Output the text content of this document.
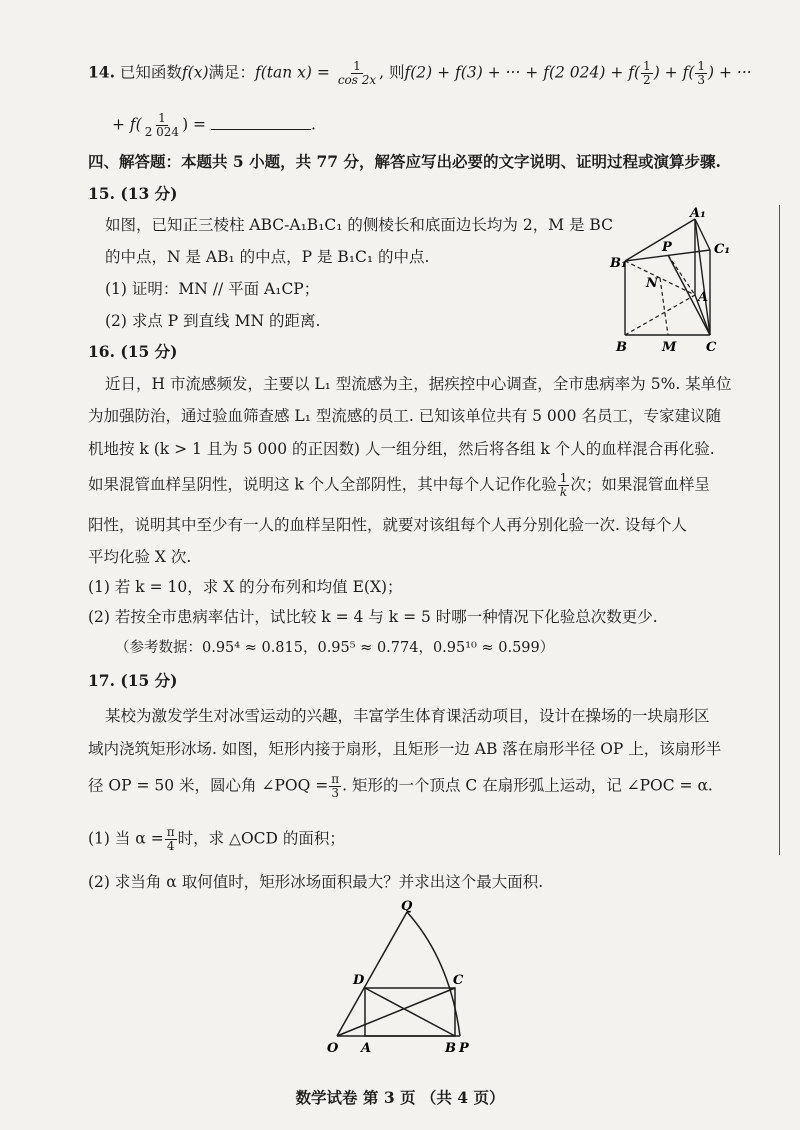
14. 已知函数f(x)满足：f(tan $x) = \frac{1}{\cos 2x}$ , 则f(2) + f(3) + ··· + f(2 $024) + f( \frac{1}{2}$ ) + $f( \frac{1}{3}$ ) + ···
+ $f( \frac{1}{2 024}$ ) =	.
四、解答题：本题共 5 小题，共 77 分，解答应写出必要的文字说明、证明过程或演算步骤.
15. (13 分)
如图，已知正三棱柱 ABC-A₁B₁C₁ 的侧棱长和底面边长均为 2，M 是 BC
的中点，N 是 AB₁ 的中点，P 是 B₁C₁ 的中点.
(1) 证明：MN // 平面 A₁CP；
(2) 求点 P 到直线 MN 的距离.
A₁
B₁
C₁
P
N
A
B	M C
16. (15 分)
近日，H 市流感频发，主要以 L₁ 型流感为主，据疾控中心调查，全市患病率为 5%. 某单位
为加强防治，通过验血筛查感 L₁ 型流感的员工. 已知该单位共有 5 000 名员工，专家建议随
机地按 k (k > 1 且为 5 000 的正因数) 人一组分组，然后将各组 k 个人的血样混合再化验.
如果混管血样呈阴性，说明这 k 个人全部阴性，其中每个人记作化验 $\frac{1}{k}$ 次；如果混管血样呈
阳性，说明其中至少有一人的血样呈阳性，就要对该组每个人再分别化验一次. 设每个人
平均化验 X 次.
(1) 若 k = 10，求 X 的分布列和均值 E(X)；
(2) 若按全市患病率估计，试比较 k = 4 与 k = 5 时哪一种情况下化验总次数更少.
（参考数据：0.95⁴ ≈ 0.815，0.95⁵ ≈ 0.774，0.95¹⁰ ≈ 0.599）
17. (15 分)
某校为激发学生对冰雪运动的兴趣，丰富学生体育课活动项目，设计在操场的一块扇形区
域内浇筑矩形冰场. 如图，矩形内接于扇形，且矩形一边 AB 落在扇形半径 OP 上，该扇形半
径 OP = 50 米，圆心角 ∠POQ = $\frac{\pi}{3}$ . 矩形的一个顶点 C 在扇形弧上运动，记 ∠POC = α.
(1) 当 $\alpha = \frac{\pi}{4}$ 时，求 △OCD 的面积；
(2) 求当角 α 取何值时，矩形冰场面积最大？并求出这个最大面积.
Q
D	C
O A	B P
数学试卷 第 3 页 （共 4 页）
